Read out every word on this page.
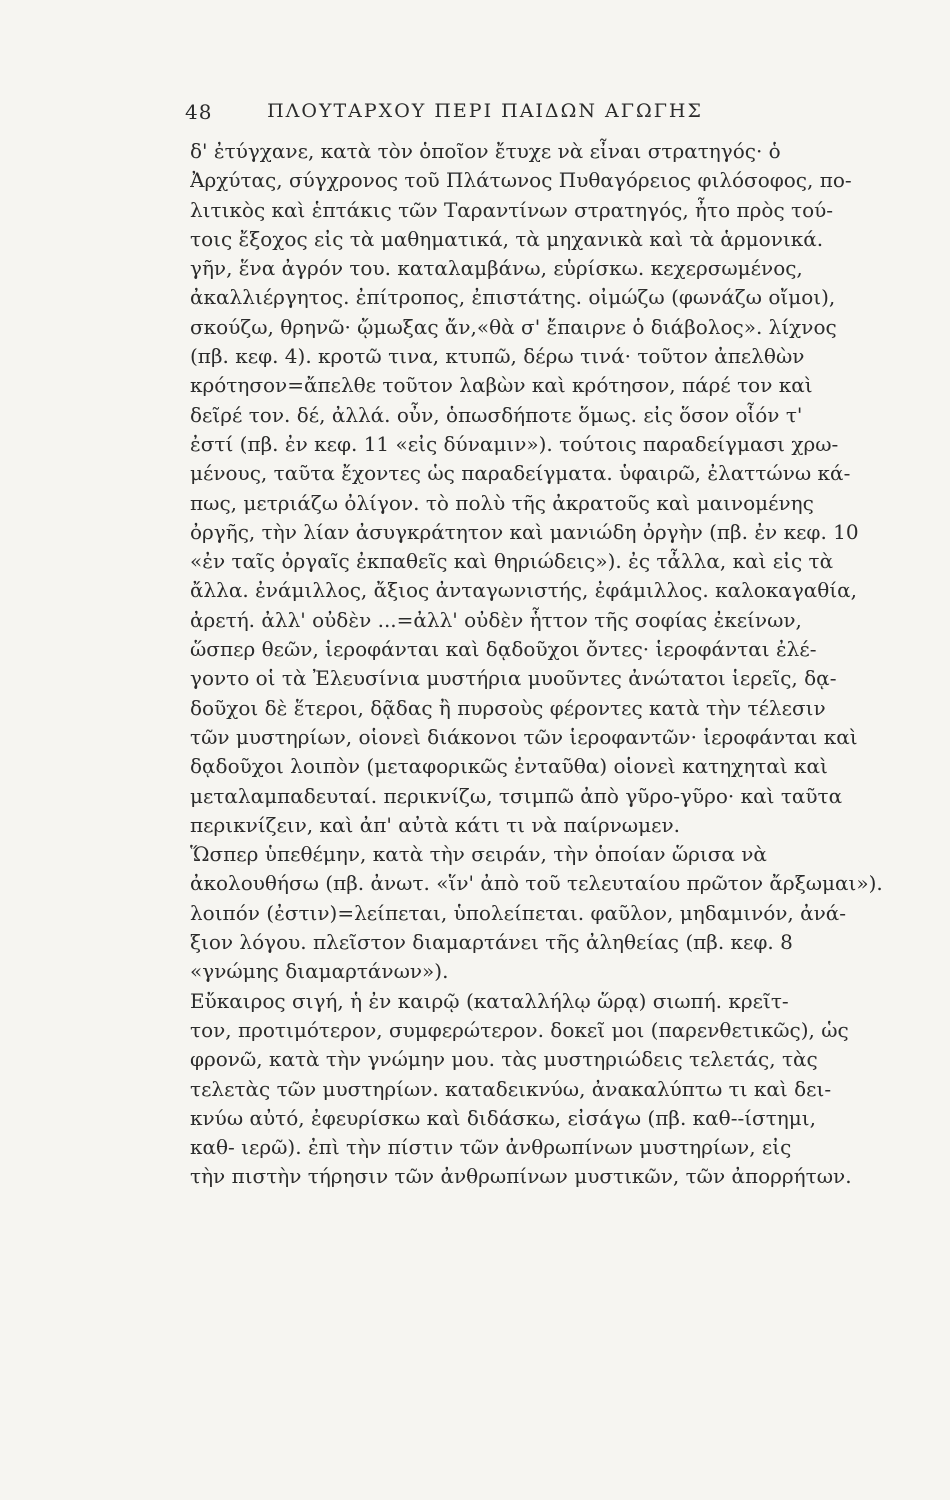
48	ΠΛΟΥΤΑΡΧΟΥ ΠΕΡΙ ΠΑΙΔΩΝ ΑΓΩΓΗΣ
δ' ἐτύγχανε, κατὰ τὸν ὁποῖον ἔτυχε νὰ εἶναι στρατηγός· ὁ
Ἀρχύτας, σύγχρονος τοῦ Πλάτωνος Πυθαγόρειος φιλόσοφος, πο-
λιτικὸς καὶ ἑπτάκις τῶν Ταραντίνων στρατηγός, ἦτο πρὸς τού-
τοις ἔξοχος εἰς τὰ μαθηματικά, τὰ μηχανικὰ καὶ τὰ ἁρμονικά.
γῆν, ἕνα ἀγρόν του. καταλαμβάνω, εὑρίσκω. κεχερσωμένος,
ἀκαλλιέργητος. ἐπίτροπος, ἐπιστάτης. οἰμώζω (φωνάζω οἴμοι),
σκούζω, θρηνῶ· ᾤμωξας ἄν,«θὰ σ' ἔπαιρνε ὁ διάβολος». λίχνος
(πβ. κεφ. 4). κροτῶ τινα, κτυπῶ, δέρω τινά· τοῦτον ἀπελθὼν
κρότησον=ἄπελθε τοῦτον λαβὼν καὶ κρότησον, πάρέ τον καὶ
δεῖρέ τον. δέ, ἀλλά. οὖν, ὁπωσδήποτε ὅμως. εἰς ὅσον οἷόν τ'
ἐστί (πβ. ἐν κεφ. 11 «εἰς δύναμιν»). τούτοις παραδείγμασι χρω-
μένους, ταῦτα ἔχοντες ὡς παραδείγματα. ὑφαιρῶ, ἐλαττώνω κά-
πως, μετριάζω ὀλίγον. τὸ πολὺ τῆς ἀκρατοῦς καὶ μαινομένης
ὀργῆς, τὴν λίαν ἀσυγκράτητον καὶ μανιώδη ὀργὴν (πβ. ἐν κεφ. 10
«ἐν ταῖς ὀργαῖς ἐκπαθεῖς καὶ θηριώδεις»). ἐς τἆλλα, καὶ εἰς τὰ
ἄλλα. ἐνάμιλλος, ἄξιος ἀνταγωνιστής, ἐφάμιλλος. καλοκαγαθία,
ἀρετή. ἀλλ' οὐδὲν ...=ἀλλ' οὐδὲν ἧττον τῆς σοφίας ἐκείνων,
ὥσπερ θεῶν, ἱεροφάνται καὶ δᾳδοῦχοι ὄντες· ἱεροφάνται ἐλέ-
γοντο οἱ τὰ Ἐλευσίνια μυστήρια μυοῦντες ἀνώτατοι ἱερεῖς, δᾳ-
δοῦχοι δὲ ἕτεροι, δᾷδας ἢ πυρσοὺς φέροντες κατὰ τὴν τέλεσιν
τῶν μυστηρίων, οἱονεὶ διάκονοι τῶν ἱεροφαντῶν· ἱεροφάνται καὶ
δᾳδοῦχοι λοιπὸν (μεταφορικῶς ἐνταῦθα) οἱονεὶ κατηχηταὶ καὶ
μεταλαμπαδευταί. περικνίζω, τσιμπῶ ἀπὸ γῦρο-γῦρο· καὶ ταῦτα
περικνίζειν, καὶ ἀπ' αὐτὰ κάτι τι νὰ παίρνωμεν.
Ὥσπερ ὑπεθέμην, κατὰ τὴν σειράν, τὴν ὁποίαν ὥρισα νὰ
ἀκολουθήσω (πβ. ἀνωτ. «ἵν' ἀπὸ τοῦ τελευταίου πρῶτον ἄρξωμαι»).
λοιπόν (ἐστιν)=λείπεται, ὑπολείπεται. φαῦλον, μηδαμινόν, ἀνά-
ξιον λόγου. πλεῖστον διαμαρτάνει τῆς ἀληθείας (πβ. κεφ. 8
«γνώμης διαμαρτάνων»).
Εὔκαιρος σιγή, ἡ ἐν καιρῷ (καταλλήλῳ ὥρᾳ) σιωπή. κρεῖτ-
τον, προτιμότερον, συμφερώτερον. δοκεῖ μοι (παρενθετικῶς), ὡς
φρονῶ, κατὰ τὴν γνώμην μου. τὰς μυστηριώδεις τελετάς, τὰς
τελετὰς τῶν μυστηρίων. καταδεικνύω, ἀνακαλύπτω τι καὶ δει-
κνύω αὐτό, ἐφευρίσκω καὶ διδάσκω, εἰσάγω (πβ. καθ--ίστημι,
καθ- ιερῶ). ἐπὶ τὴν πίστιν τῶν ἀνθρωπίνων μυστηρίων, εἰς
τὴν πιστὴν τήρησιν τῶν ἀνθρωπίνων μυστικῶν, τῶν ἀπορρήτων.
